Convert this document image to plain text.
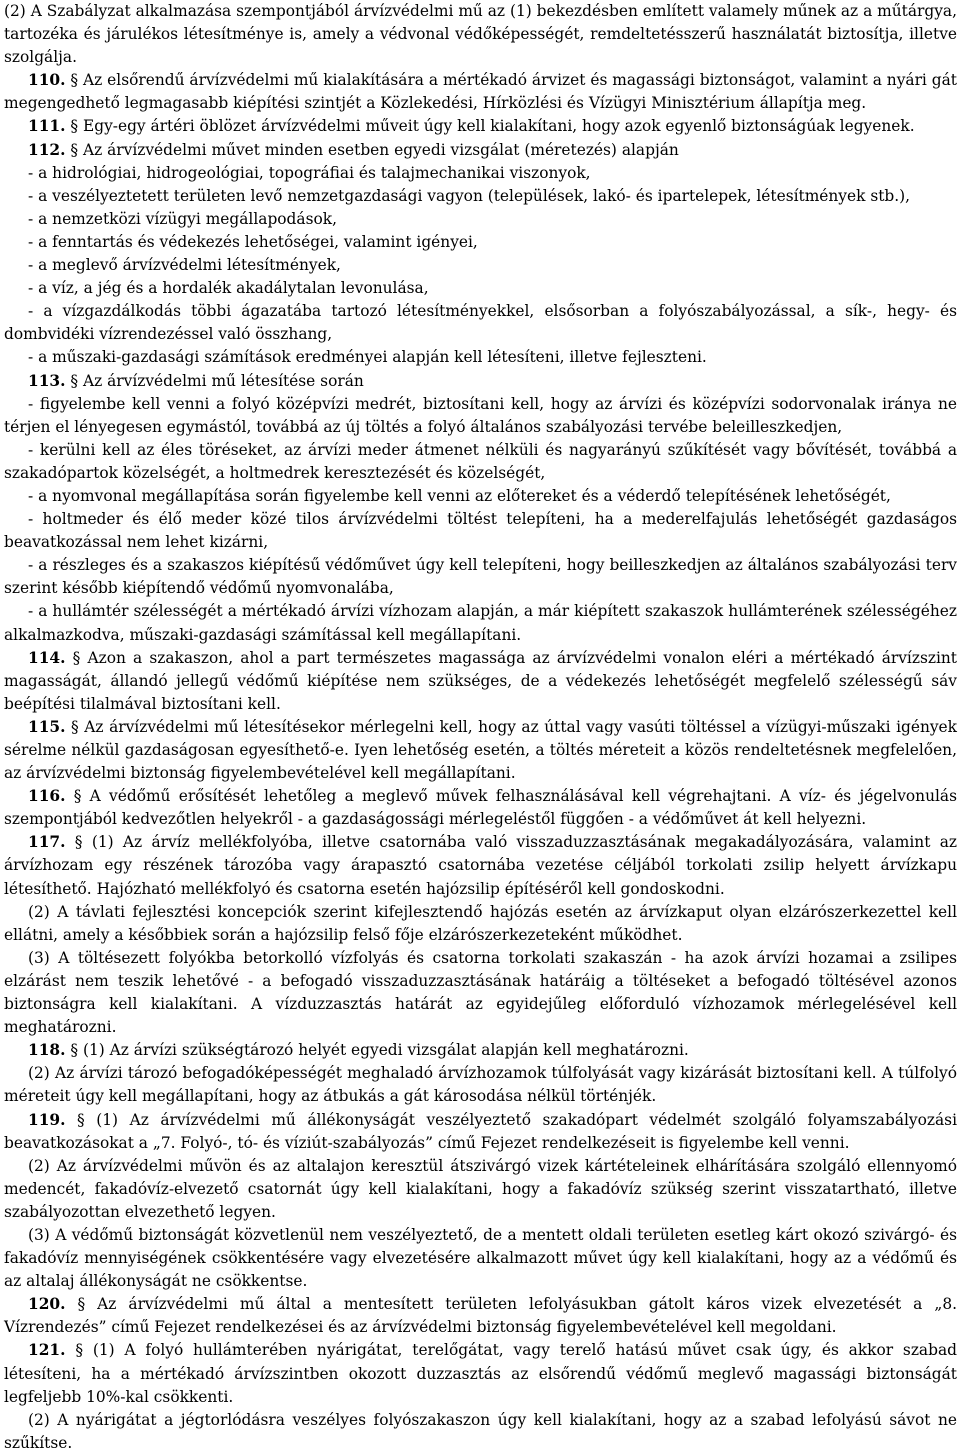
(2) A Szabályzat alkalmazása szempontjából árvízvédelmi mű az (1) bekezdésben említett valamely műnek az a műtárgya, tartozéka és járulékos létesítménye is, amely a védvonal védőképességét, remdeltetésszerű használatát biztosítja, illetve szolgálja.

110. § Az elsőrendű árvízvédelmi mű kialakítására a mértékadó árvizet és magassági biztonságot, valamint a nyári gát megengedhető legmagasabb kiépítési szintjét a Közlekedési, Hírközlési és Vízügyi Minisztérium állapítja meg.

111. § Egy-egy ártéri öblözet árvízvédelmi műveit úgy kell kialakítani, hogy azok egyenlő biztonságúak legyenek.

112. § Az árvízvédelmi művet minden esetben egyedi vizsgálat (méretezés) alapján

- a hidrológiai, hidrogeológiai, topográfiai és talajmechanikai viszonyok,

- a veszélyeztetett területen levő nemzetgazdasági vagyon (települések, lakó- és ipartelepek, létesítmények stb.),

- a nemzetközi vízügyi megállapodások,

- a fenntartás és védekezés lehetőségei, valamint igényei,

- a meglevő árvízvédelmi létesítmények,

- a víz, a jég és a hordalék akadálytalan levonulása,

- a vízgazdálkodás többi ágazatába tartozó létesítményekkel, elsősorban a folyószabályozással, a sík-, hegy- és dombvidéki vízrendezéssel való összhang,

- a műszaki-gazdasági számítások eredményei alapján kell létesíteni, illetve fejleszteni.

113. § Az árvízvédelmi mű létesítése során

- figyelembe kell venni a folyó középvízi medrét, biztosítani kell, hogy az árvízi és középvízi sodorvonalak iránya ne térjen el lényegesen egymástól, továbbá az új töltés a folyó általános szabályozási tervébe beleilleszkedjen,

- kerülni kell az éles töréseket, az árvízi meder átmenet nélküli és nagyarányú szűkítését vagy bővítését, továbbá a szakadópartok közelségét, a holtmedrek keresztezését és közelségét,

- a nyomvonal megállapítása során figyelembe kell venni az előtereket és a véderdő telepítésének lehetőségét,

- holtmeder és élő meder közé tilos árvízvédelmi töltést telepíteni, ha a mederelfajulás lehetőségét gazdaságos beavatkozással nem lehet kizárni,

- a részleges és a szakaszos kiépítésű védőművet úgy kell telepíteni, hogy beilleszkedjen az általános szabályozási terv szerint később kiépítendő védőmű nyomvonalába,

- a hullámtér szélességét a mértékadó árvízi vízhozam alapján, a már kiépített szakaszok hullámterének szélességéhez alkalmazkodva, műszaki-gazdasági számítással kell megállapítani.

114. § Azon a szakaszon, ahol a part természetes magassága az árvízvédelmi vonalon eléri a mértékadó árvízszint magasságát, állandó jellegű védőmű kiépítése nem szükséges, de a védekezés lehetőségét megfelelő szélességű sáv beépítési tilalmával biztosítani kell.

115. § Az árvízvédelmi mű létesítésekor mérlegelni kell, hogy az úttal vagy vasúti töltéssel a vízügyi-műszaki igények sérelme nélkül gazdaságosan egyesíthető-e. Iyen lehetőség esetén, a töltés méreteit a közös rendeltetésnek megfelelően, az árvízvédelmi biztonság figyelembevételével kell megállapítani.

116. § A védőmű erősítését lehetőleg a meglevő művek felhasználásával kell végrehajtani. A víz- és jégelvonulás szempontjából kedvezőtlen helyekről - a gazdaságossági mérlegeléstől függően - a védőművet át kell helyezni.

117. § (1) Az árvíz mellékfolyóba, illetve csatornába való visszaduzzasztásának megakadályozására, valamint az árvízhozam egy részének tározóba vagy árapasztó csatornába vezetése céljából torkolati zsilip helyett árvízkapu létesíthető. Hajózható mellékfolyó és csatorna esetén hajózsilip építéséről kell gondoskodni.

(2) A távlati fejlesztési koncepciók szerint kifejlesztendő hajózás esetén az árvízkaput olyan elzárószerkezettel kell ellátni, amely a későbbiek során a hajózsilip felső fője elzárószerkezeteként működhet.

(3) A töltésezett folyókba betorkolló vízfolyás és csatorna torkolati szakaszán - ha azok árvízi hozamai a zsilipes elzárást nem teszik lehetővé - a befogadó visszaduzzasztásának határáig a töltéseket a befogadó töltésével azonos biztonságra kell kialakítani. A vízduzzasztás határát az egyidejűleg előforduló vízhozamok mérlegelésével kell meghatározni.

118. § (1) Az árvízi szükségtározó helyét egyedi vizsgálat alapján kell meghatározni.

(2) Az árvízi tározó befogadóképességét meghaladó árvízhozamok túlfolyását vagy kizárását biztosítani kell. A túlfolyó méreteit úgy kell megállapítani, hogy az átbukás a gát károsodása nélkül történjék.

119. § (1) Az árvízvédelmi mű állékonyságát veszélyeztető szakadópart védelmét szolgáló folyamszabályozási beavatkozásokat a „7. Folyó-, tó- és víziút-szabályozás” című Fejezet rendelkezéseit is figyelembe kell venni.

(2) Az árvízvédelmi művön és az altalajon keresztül átszivárgó vizek kártételeinek elhárítására szolgáló ellennyomó medencét, fakadóvíz-elvezető csatornát úgy kell kialakítani, hogy a fakadóvíz szükség szerint visszatartható, illetve szabályozottan elvezethető legyen.

(3) A védőmű biztonságát közvetlenül nem veszélyeztető, de a mentett oldali területen esetleg kárt okozó szivárgó- és fakadóvíz mennyiségének csökkentésére vagy elvezetésére alkalmazott művet úgy kell kialakítani, hogy az a védőmű és az altalaj állékonyságát ne csökkentse.

120. § Az árvízvédelmi mű által a mentesített területen lefolyásukban gátolt káros vizek elvezetését a „8. Vízrendezés” című Fejezet rendelkezései és az árvízvédelmi biztonság figyelembevételével kell megoldani.

121. § (1) A folyó hullámterében nyárigátat, terelőgátat, vagy terelő hatású művet csak úgy, és akkor szabad létesíteni, ha a mértékadó árvízszintben okozott duzzasztás az elsőrendű védőmű meglevő magassági biztonságát legfeljebb 10%-kal csökkenti.

(2) A nyárigátat a jégtorlódásra veszélyes folyószakaszon úgy kell kialakítani, hogy az a szabad lefolyású sávot ne szűkítse.
